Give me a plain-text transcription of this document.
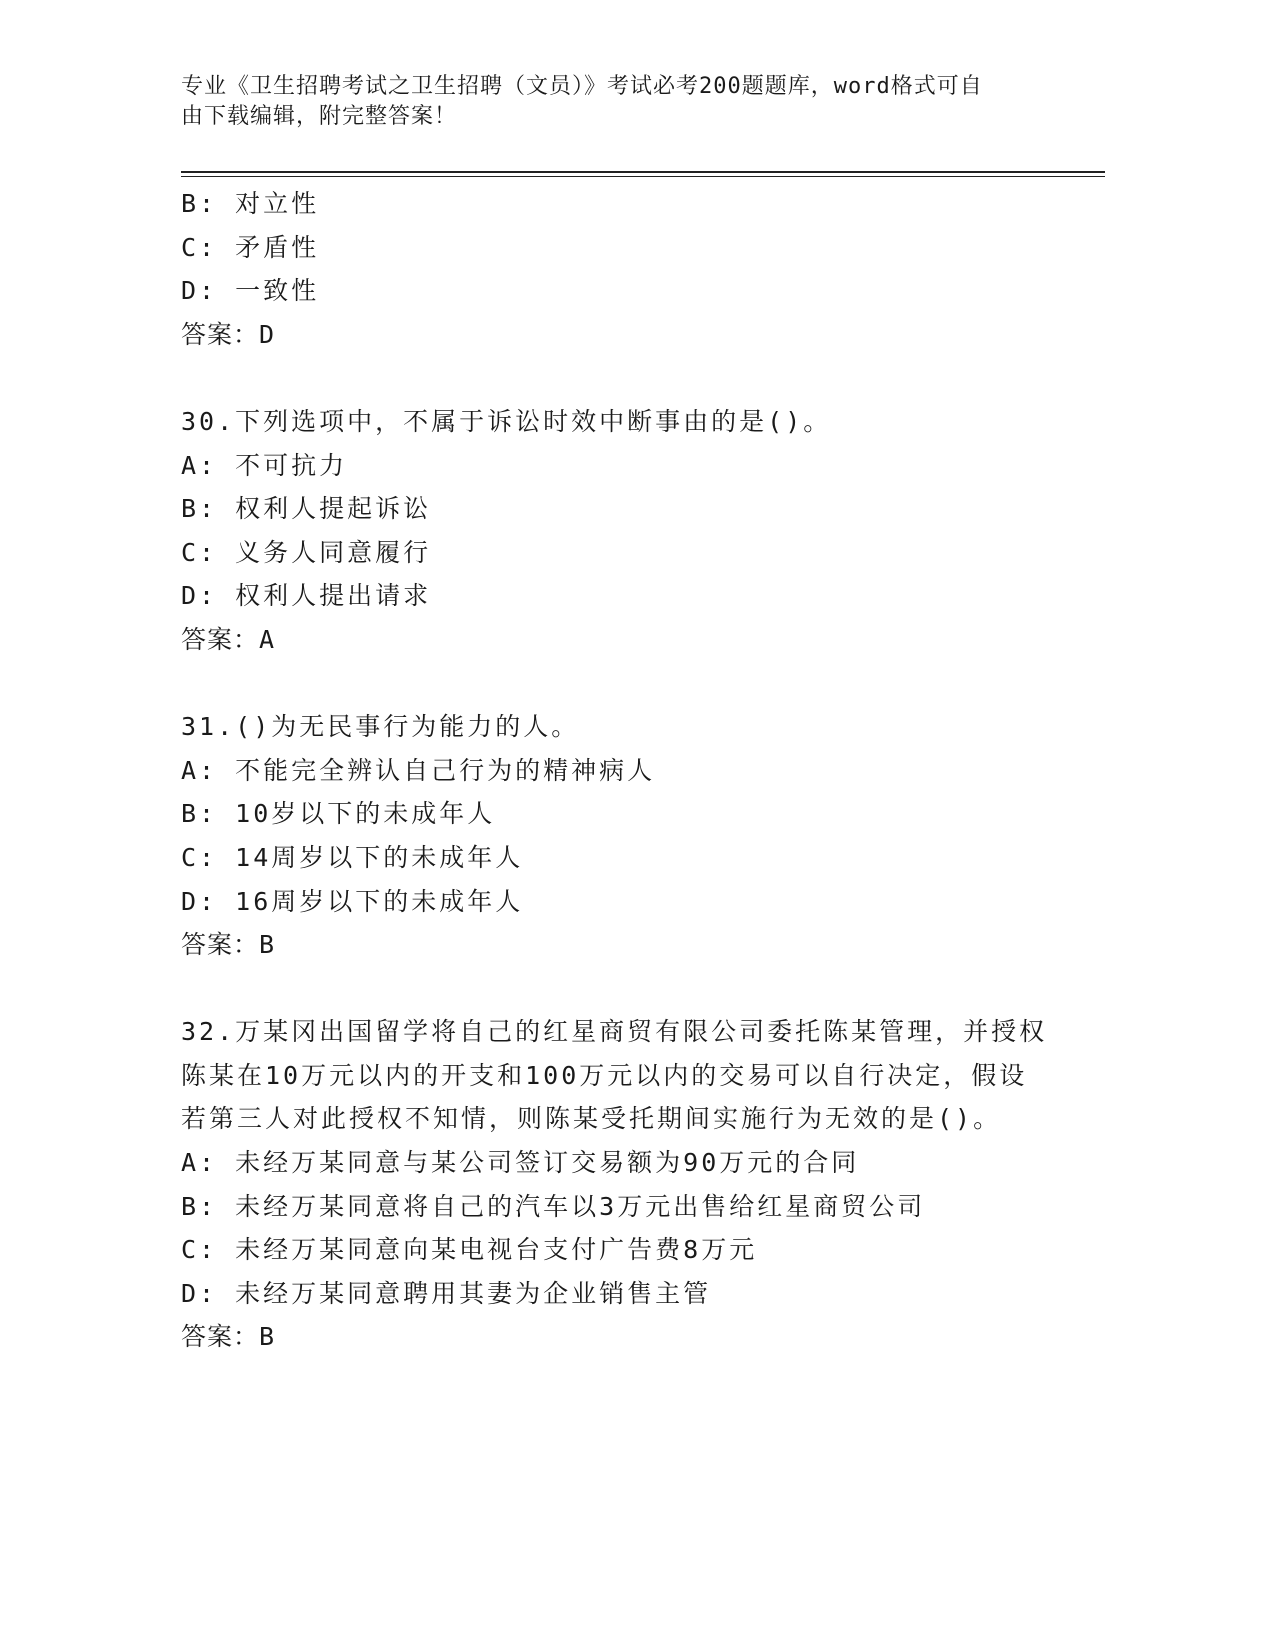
专业《卫生招聘考试之卫生招聘（文员）》考试必考200题题库，word格式可自
由下载编辑，附完整答案！
B: 对立性
C: 矛盾性
D: 一致性
答案：D
30.下列选项中，不属于诉讼时效中断事由的是()。
A: 不可抗力
B: 权利人提起诉讼
C: 义务人同意履行
D: 权利人提出请求
答案：A
31.()为无民事行为能力的人。
A: 不能完全辨认自己行为的精神病人
B: 10岁以下的未成年人
C: 14周岁以下的未成年人
D: 16周岁以下的未成年人
答案：B
32.万某冈出国留学将自己的红星商贸有限公司委托陈某管理，并授权
陈某在10万元以内的开支和100万元以内的交易可以自行决定，假设
若第三人对此授权不知情，则陈某受托期间实施行为无效的是()。
A: 未经万某同意与某公司签订交易额为90万元的合同
B: 未经万某同意将自己的汽车以3万元出售给红星商贸公司
C: 未经万某同意向某电视台支付广告费8万元
D: 未经万某同意聘用其妻为企业销售主管
答案：B
